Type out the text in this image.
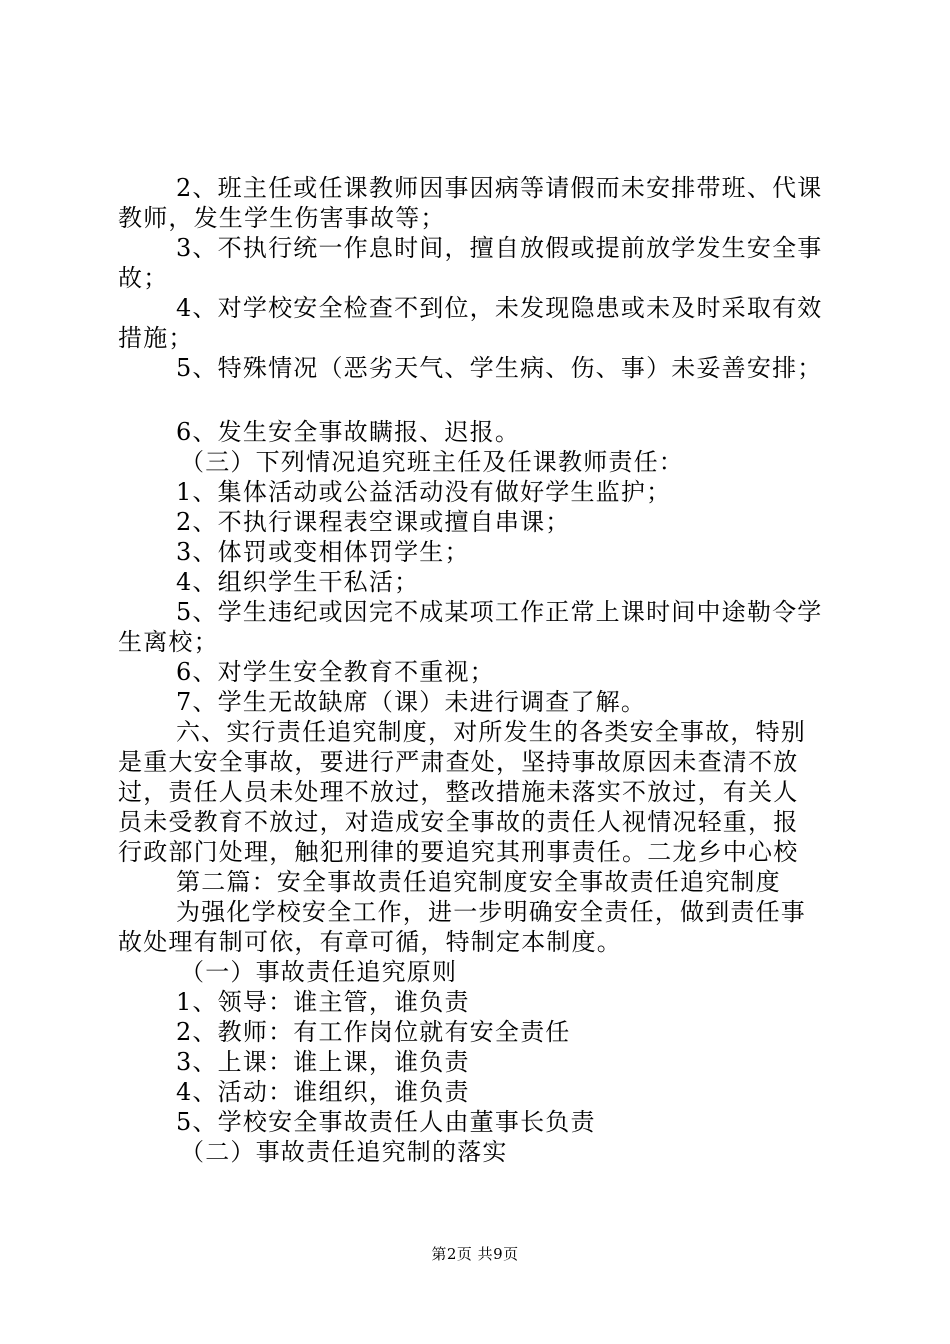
2、班主任或任课教师因事因病等请假而未安排带班、代课
教师，发生学生伤害事故等；
3、不执行统一作息时间，擅自放假或提前放学发生安全事
故；
4、对学校安全检查不到位，未发现隐患或未及时采取有效
措施；
5、特殊情况（恶劣天气、学生病、伤、事）未妥善安排；
6、发生安全事故瞒报、迟报。
（三）下列情况追究班主任及任课教师责任：
1、集体活动或公益活动没有做好学生监护；
2、不执行课程表空课或擅自串课；
3、体罚或变相体罚学生；
4、组织学生干私活；
5、学生违纪或因完不成某项工作正常上课时间中途勒令学
生离校；
6、对学生安全教育不重视；
7、学生无故缺席（课）未进行调查了解。
六、实行责任追究制度，对所发生的各类安全事故，特别
是重大安全事故，要进行严肃查处，坚持事故原因未查清不放
过，责任人员未处理不放过，整改措施未落实不放过，有关人
员未受教育不放过，对造成安全事故的责任人视情况轻重，报
行政部门处理，触犯刑律的要追究其刑事责任。二龙乡中心校
第二篇：安全事故责任追究制度安全事故责任追究制度
为强化学校安全工作，进一步明确安全责任，做到责任事
故处理有制可依，有章可循，特制定本制度。
（一）事故责任追究原则
1、领导：谁主管，谁负责
2、教师：有工作岗位就有安全责任
3、上课：谁上课，谁负责
4、活动：谁组织，谁负责
5、学校安全事故责任人由董事长负责
（二）事故责任追究制的落实
第2页 共9页
